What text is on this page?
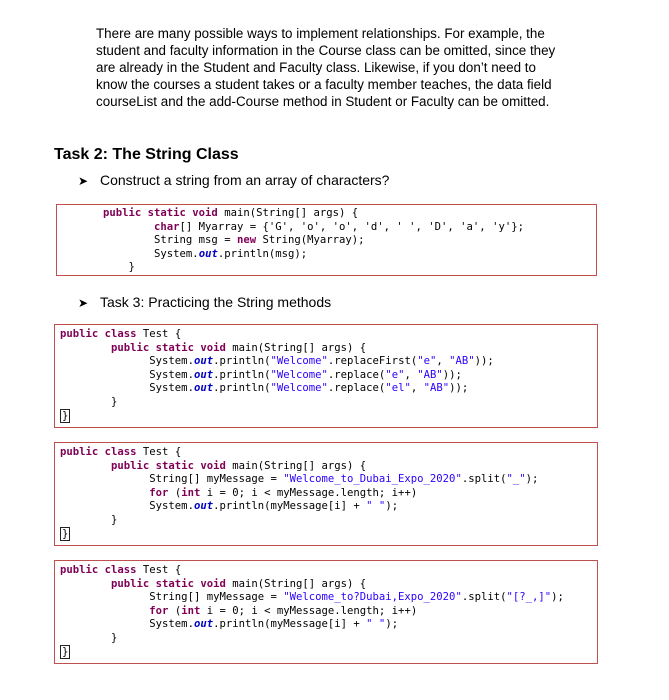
There are many possible ways to implement relationships. For example, the
student and faculty information in the Course class can be omitted, since they
are already in the Student and Faculty class. Likewise, if you don’t need to
know the courses a student takes or a faculty member teaches, the data field
courseList and the add-Course method in Student or Faculty can be omitted.
Task 2: The String Class
➤ Construct a string from an array of characters?
public static void main(String[] args) {
char[] Myarray = {'G', 'o', 'o', 'd', ' ', 'D', 'a', 'y'};
String msg = new String(Myarray);
System.out.println(msg);
}
➤ Task 3: Practicing the String methods
public class Test {
public static void main(String[] args) {
System.out.println("Welcome".replaceFirst("e", "AB"));
System.out.println("Welcome".replace("e", "AB"));
System.out.println("Welcome".replace("el", "AB"));
}
}
public class Test {
public static void main(String[] args) {
String[] myMessage = "Welcome_to_Dubai_Expo_2020".split("_");
for (int i = 0; i < myMessage.length; i++)
System.out.println(myMessage[i] + " ");
}
}
public class Test {
public static void main(String[] args) {
String[] myMessage = "Welcome_to?Dubai,Expo_2020".split("[?_,]");
for (int i = 0; i < myMessage.length; i++)
System.out.println(myMessage[i] + " ");
}
}
